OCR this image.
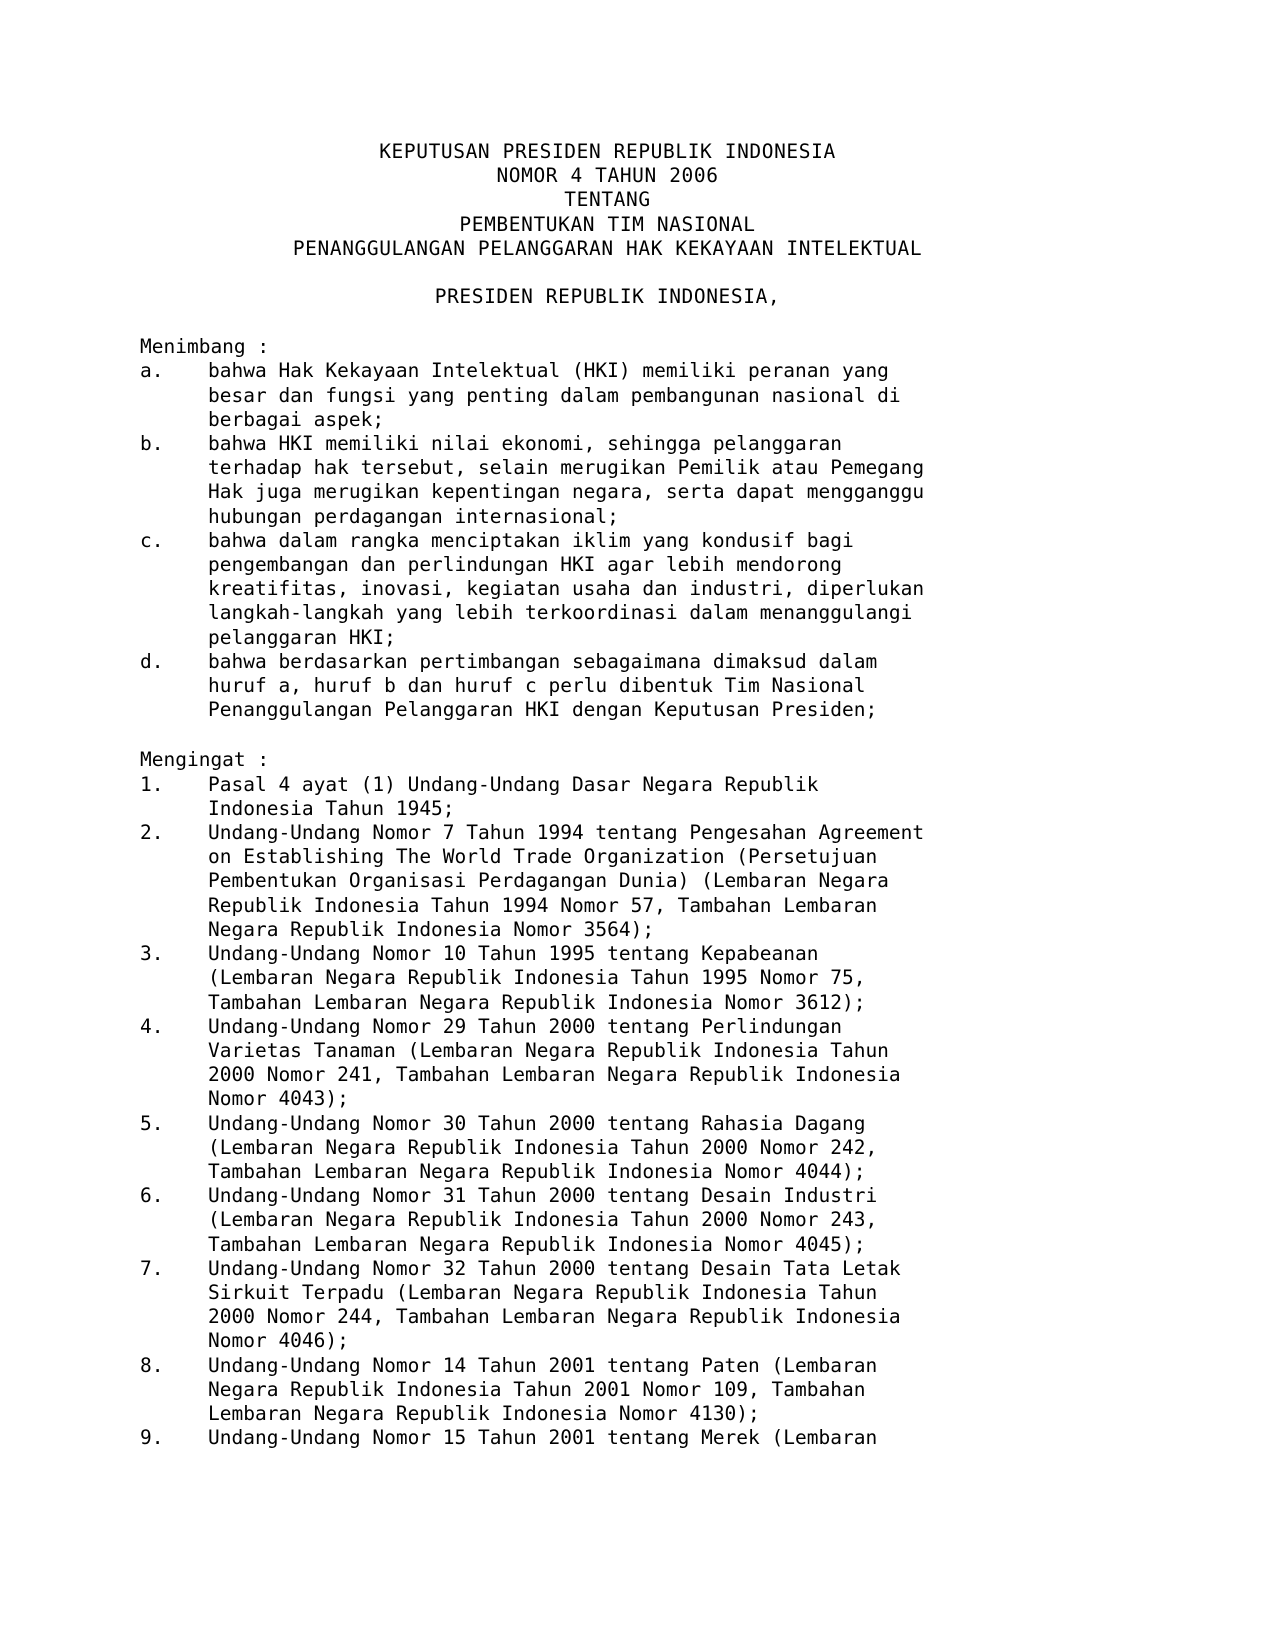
KEPUTUSAN PRESIDEN REPUBLIK INDONESIA
NOMOR 4 TAHUN 2006
TENTANG
PEMBENTUKAN TIM NASIONAL
PENANGGULANGAN PELANGGARAN HAK KEKAYAAN INTELEKTUAL
PRESIDEN REPUBLIK INDONESIA,
Menimbang :
a.	bahwa Hak Kekayaan Intelektual (HKI) memiliki peranan yang
besar dan fungsi yang penting dalam pembangunan nasional di
berbagai aspek;
b.	bahwa HKI memiliki nilai ekonomi, sehingga pelanggaran
terhadap hak tersebut, selain merugikan Pemilik atau Pemegang
Hak juga merugikan kepentingan negara, serta dapat mengganggu
hubungan perdagangan internasional;
c.	bahwa dalam rangka menciptakan iklim yang kondusif bagi
pengembangan dan perlindungan HKI agar lebih mendorong
kreatifitas, inovasi, kegiatan usaha dan industri, diperlukan
langkah-langkah yang lebih terkoordinasi dalam menanggulangi
pelanggaran HKI;
d.	bahwa berdasarkan pertimbangan sebagaimana dimaksud dalam
huruf a, huruf b dan huruf c perlu dibentuk Tim Nasional
Penanggulangan Pelanggaran HKI dengan Keputusan Presiden;
Mengingat :
1.	Pasal 4 ayat (1) Undang-Undang Dasar Negara Republik
Indonesia Tahun 1945;
2.	Undang-Undang Nomor 7 Tahun 1994 tentang Pengesahan Agreement
on Establishing The World Trade Organization (Persetujuan
Pembentukan Organisasi Perdagangan Dunia) (Lembaran Negara
Republik Indonesia Tahun 1994 Nomor 57, Tambahan Lembaran
Negara Republik Indonesia Nomor 3564);
3.	Undang-Undang Nomor 10 Tahun 1995 tentang Kepabeanan
(Lembaran Negara Republik Indonesia Tahun 1995 Nomor 75,
Tambahan Lembaran Negara Republik Indonesia Nomor 3612);
4.	Undang-Undang Nomor 29 Tahun 2000 tentang Perlindungan
Varietas Tanaman (Lembaran Negara Republik Indonesia Tahun
2000 Nomor 241, Tambahan Lembaran Negara Republik Indonesia
Nomor 4043);
5.	Undang-Undang Nomor 30 Tahun 2000 tentang Rahasia Dagang
(Lembaran Negara Republik Indonesia Tahun 2000 Nomor 242,
Tambahan Lembaran Negara Republik Indonesia Nomor 4044);
6.	Undang-Undang Nomor 31 Tahun 2000 tentang Desain Industri
(Lembaran Negara Republik Indonesia Tahun 2000 Nomor 243,
Tambahan Lembaran Negara Republik Indonesia Nomor 4045);
7.	Undang-Undang Nomor 32 Tahun 2000 tentang Desain Tata Letak
Sirkuit Terpadu (Lembaran Negara Republik Indonesia Tahun
2000 Nomor 244, Tambahan Lembaran Negara Republik Indonesia
Nomor 4046);
8.	Undang-Undang Nomor 14 Tahun 2001 tentang Paten (Lembaran
Negara Republik Indonesia Tahun 2001 Nomor 109, Tambahan
Lembaran Negara Republik Indonesia Nomor 4130);
9.	Undang-Undang Nomor 15 Tahun 2001 tentang Merek (Lembaran
